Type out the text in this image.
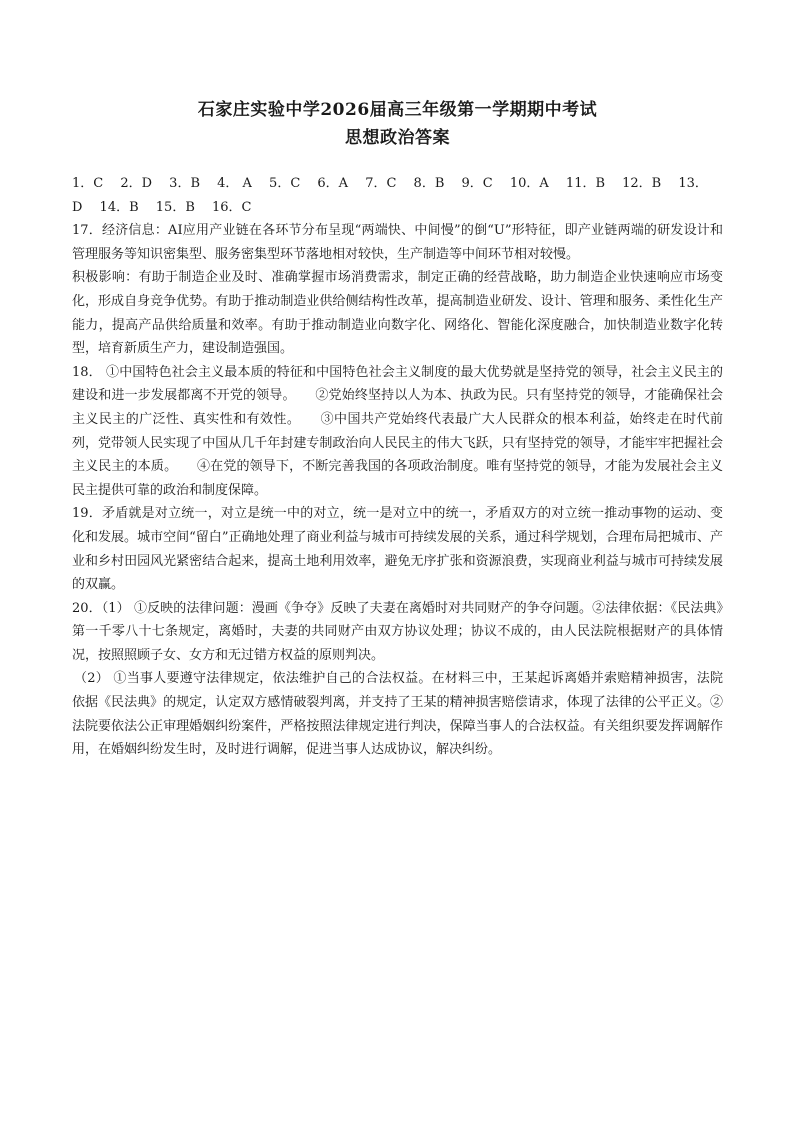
石家庄实验中学2026届高三年级第一学期期中考试
思想政治答案

1．C　 2．D　 3．B　 4． A　 5．C　 6．A　 7．C　 8．B　 9．C　 10．A　 11．B　 12．B　 13．

D　 14．B　 15．B　 16．C

17．经济信息：AI应用产业链在各环节分布呈现“两端快、中间慢”的倒“U”形特征，即产业链两端的研发设计和管理服务等知识密集型、服务密集型环节落地相对较快，生产制造等中间环节相对较慢。

积极影响：有助于制造企业及时、准确掌握市场消费需求，制定正确的经营战略，助力制造企业快速响应市场变化，形成自身竞争优势。有助于推动制造业供给侧结构性改革，提高制造业研发、设计、管理和服务、柔性化生产能力，提高产品供给质量和效率。有助于推动制造业向数字化、网络化、智能化深度融合，加快制造业数字化转型，培育新质生产力，建设制造强国。

18． ①中国特色社会主义最本质的特征和中国特色社会主义制度的最大优势就是坚持党的领导，社会主义民主的建设和进一步发展都离不开党的领导。　　②党始终坚持以人为本、执政为民。只有坚持党的领导，才能确保社会主义民主的广泛性、真实性和有效性。　　③中国共产党始终代表最广大人民群众的根本利益，始终走在时代前列，党带领人民实现了中国从几千年封建专制政治向人民民主的伟大飞跃，只有坚持党的领导，才能牢牢把握社会主义民主的本质。　　④在党的领导下，不断完善我国的各项政治制度。唯有坚持党的领导，才能为发展社会主义民主提供可靠的政治和制度保障。

19．矛盾就是对立统一，对立是统一中的对立，统一是对立中的统一，矛盾双方的对立统一推动事物的运动、变化和发展。城市空间“留白”正确地处理了商业利益与城市可持续发展的关系，通过科学规划，合理布局把城市、产业和乡村田园风光紧密结合起来，提高土地利用效率，避免无序扩张和资源浪费，实现商业利益与城市可持续发展的双赢。

20．（1） ①反映的法律问题：漫画《争夺》反映了夫妻在离婚时对共同财产的争夺问题。②法律依据：《民法典》第一千零八十七条规定，离婚时，夫妻的共同财产由双方协议处理；协议不成的，由人民法院根据财产的具体情况，按照照顾子女、女方和无过错方权益的原则判决。

（2） ①当事人要遵守法律规定，依法维护自己的合法权益。在材料三中，王某起诉离婚并索赔精神损害，法院依据《民法典》的规定，认定双方感情破裂判离，并支持了王某的精神损害赔偿请求，体现了法律的公平正义。②法院要依法公正审理婚姻纠纷案件，严格按照法律规定进行判决，保障当事人的合法权益。有关组织要发挥调解作用，在婚姻纠纷发生时，及时进行调解，促进当事人达成协议，解决纠纷。
